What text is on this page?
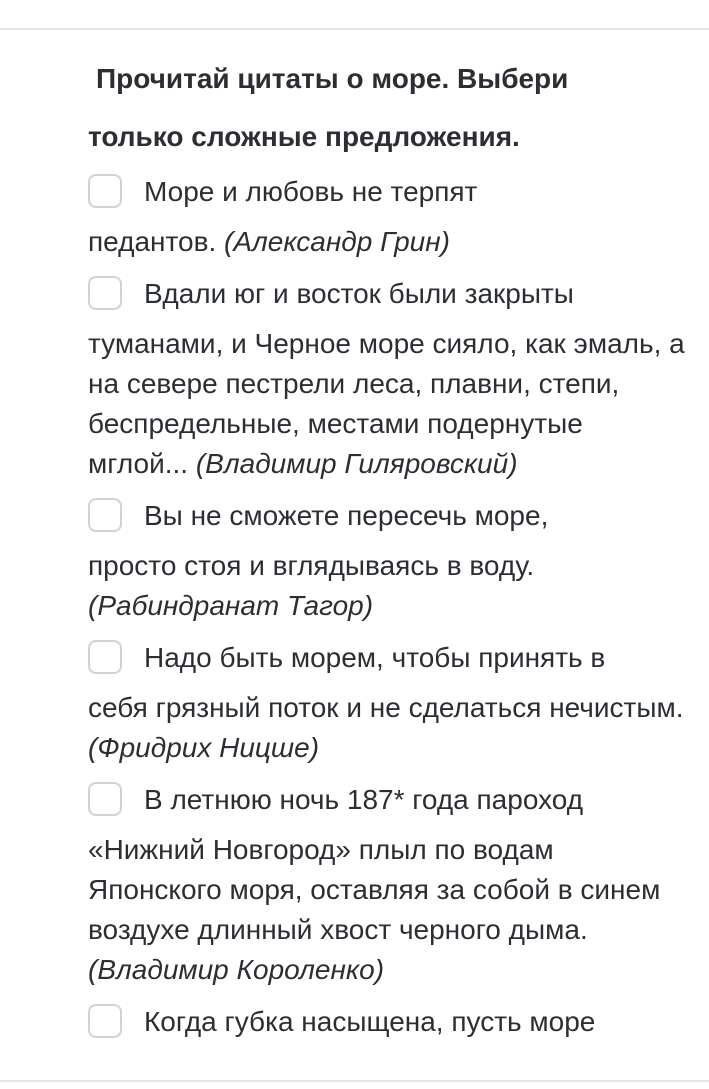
Прочитай цитаты о море. Выбери
только сложные предложения.
Море и любовь не терпят
педантов. (Александр Грин)
Вдали юг и восток были закрыты
туманами, и Черное море сияло, как эмаль, а на севере пестрели леса, плавни, степи, беспредельные, местами подернутые мглой... (Владимир Гиляровский)
Вы не сможете пересечь море,
просто стоя и вглядываясь в воду. (Рабиндранат Тагор)
Надо быть морем, чтобы принять в
себя грязный поток и не сделаться нечистым. (Фридрих Ницше)
В летнюю ночь 187* года пароход
«Нижний Новгород» плыл по водам Японского моря, оставляя за собой в синем воздухе длинный хвост черного дыма. (Владимир Короленко)
Когда губка насыщена, пусть море
